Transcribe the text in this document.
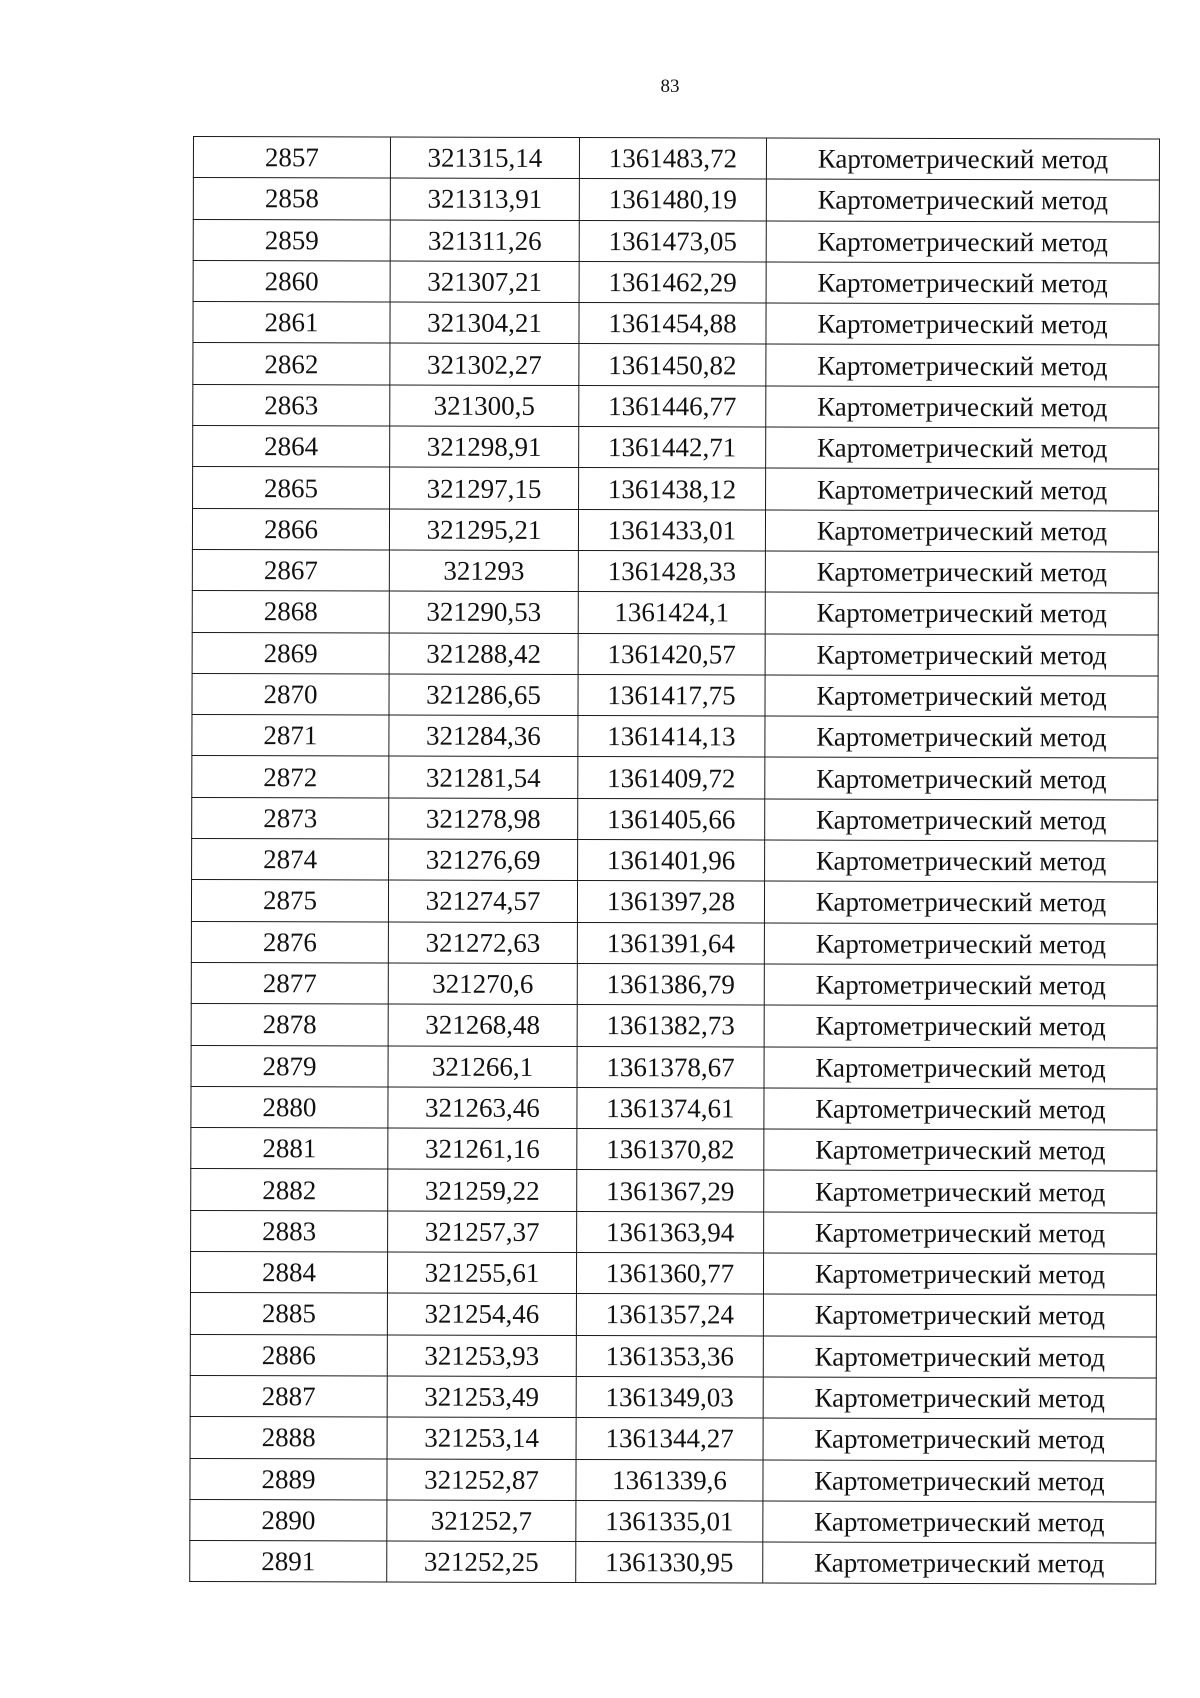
83
2857	321315,14	1361483,72	Картометрический метод
2858	321313,91	1361480,19	Картометрический метод
2859	321311,26	1361473,05	Картометрический метод
2860	321307,21	1361462,29	Картометрический метод
2861	321304,21	1361454,88	Картометрический метод
2862	321302,27	1361450,82	Картометрический метод
2863	321300,5	1361446,77	Картометрический метод
2864	321298,91	1361442,71	Картометрический метод
2865	321297,15	1361438,12	Картометрический метод
2866	321295,21	1361433,01	Картометрический метод
2867	321293	1361428,33	Картометрический метод
2868	321290,53	1361424,1	Картометрический метод
2869	321288,42	1361420,57	Картометрический метод
2870	321286,65	1361417,75	Картометрический метод
2871	321284,36	1361414,13	Картометрический метод
2872	321281,54	1361409,72	Картометрический метод
2873	321278,98	1361405,66	Картометрический метод
2874	321276,69	1361401,96	Картометрический метод
2875	321274,57	1361397,28	Картометрический метод
2876	321272,63	1361391,64	Картометрический метод
2877	321270,6	1361386,79	Картометрический метод
2878	321268,48	1361382,73	Картометрический метод
2879	321266,1	1361378,67	Картометрический метод
2880	321263,46	1361374,61	Картометрический метод
2881	321261,16	1361370,82	Картометрический метод
2882	321259,22	1361367,29	Картометрический метод
2883	321257,37	1361363,94	Картометрический метод
2884	321255,61	1361360,77	Картометрический метод
2885	321254,46	1361357,24	Картометрический метод
2886	321253,93	1361353,36	Картометрический метод
2887	321253,49	1361349,03	Картометрический метод
2888	321253,14	1361344,27	Картометрический метод
2889	321252,87	1361339,6	Картометрический метод
2890	321252,7	1361335,01	Картометрический метод
2891	321252,25	1361330,95	Картометрический метод
